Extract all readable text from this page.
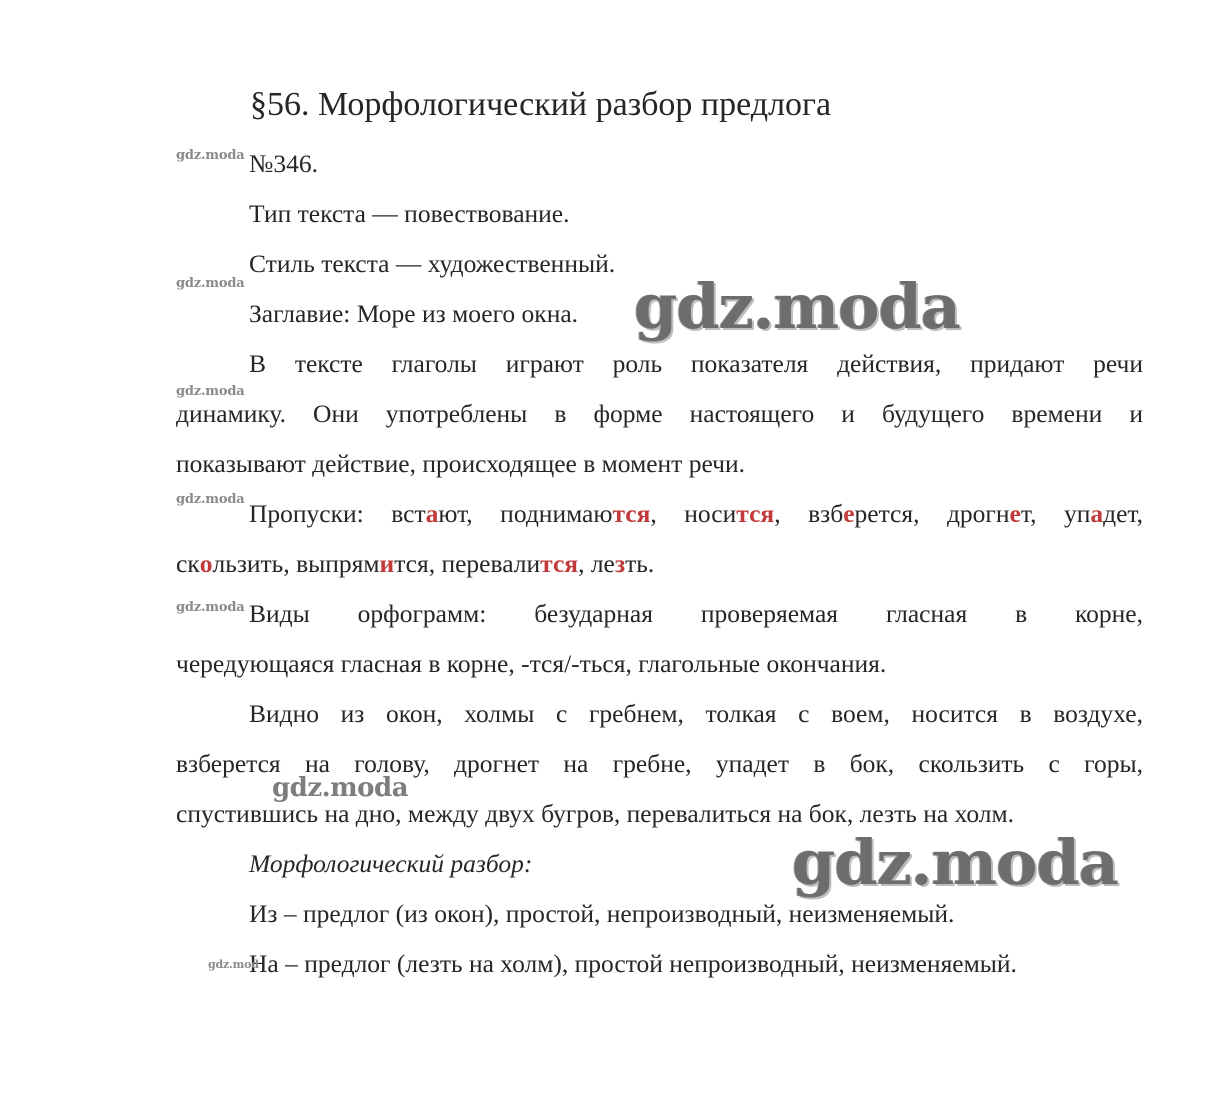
§56. Морфологический разбор предлога
№346.
Тип текста — повествование.
Стиль текста — художественный.
Заглавие: Море из моего окна.
В тексте глаголы играют роль показателя действия, придают речи
динамику. Они употреблены в форме настоящего и будущего времени и
показывают действие, происходящее в момент речи.
Пропуски: встают, поднимаются, носится, взберется, дрогнет, упадет,
скользить, выпрямится, перевалится, лезть.
Виды орфограмм: безударная проверяемая гласная в корне,
чередующаяся гласная в корне, -тся/-ться, глагольные окончания.
Видно из окон, холмы с гребнем, толкая с воем, носится в воздухе,
взберется на голову, дрогнет на гребне, упадет в бок, скользить с горы,
спустившись на дно, между двух бугров, перевалиться на бок, лезть на холм.
Морфологический разбор:
Из – предлог (из окон), простой, непроизводный, неизменяемый.
На – предлог (лезть на холм), простой непроизводный, неизменяемый.
gdz.moda
gdz.moda
gdz.moda
gdz.moda
gdz.moda
gdz.mod
gdz.moda
gdz.moda
gdz.moda
